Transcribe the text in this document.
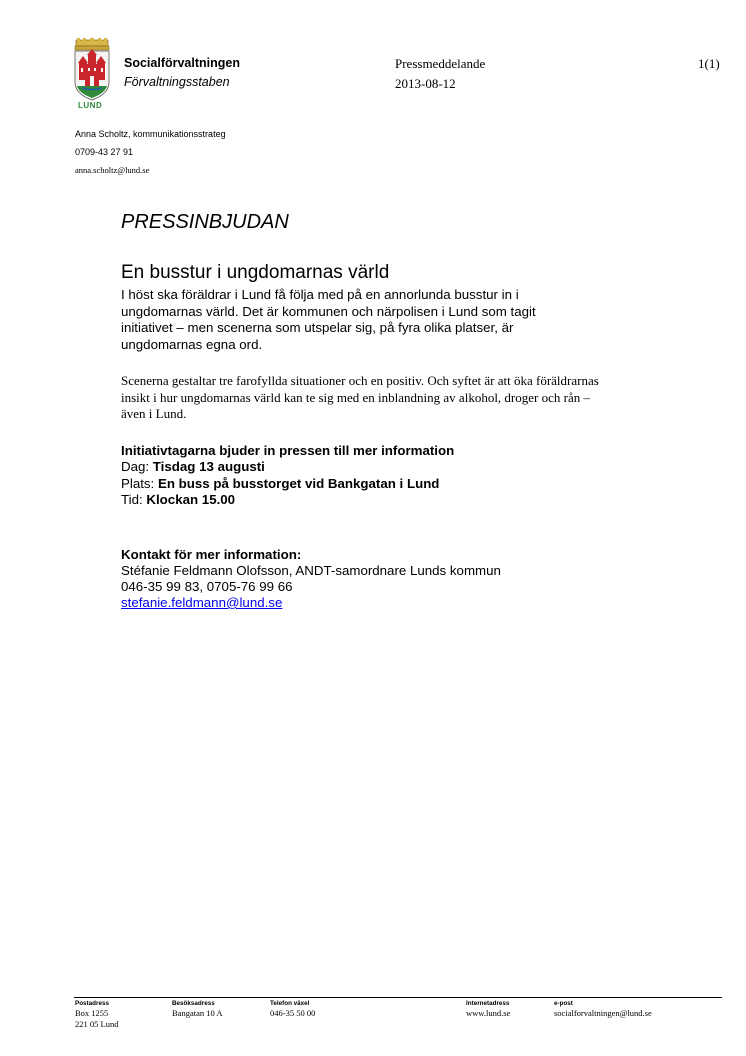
LUND
Socialförvaltningen
Förvaltningsstaben
Pressmeddelande
2013-08-12
1(1)
Anna Scholtz, kommunikationsstrateg
0709-43 27 91
anna.scholtz@lund.se
PRESSINBJUDAN
En busstur i ungdomarnas värld
I höst ska föräldrar i Lund få följa med på en annorlunda busstur in i ungdomarnas värld. Det är kommunen och närpolisen i Lund som tagit initiativet – men scenerna som utspelar sig, på fyra olika platser, är ungdomarnas egna ord.
Scenerna gestaltar tre farofyllda situationer och en positiv. Och syftet är att öka föräldrarnas insikt i hur ungdomarnas värld kan te sig med en inblandning av alkohol, droger och rån – även i Lund.
Initiativtagarna bjuder in pressen till mer information
Dag: Tisdag 13 augusti
Plats: En buss på busstorget vid Bankgatan i Lund
Tid: Klockan 15.00
Kontakt för mer information:
Stéfanie Feldmann Olofsson, ANDT-samordnare Lunds kommun
046-35 99 83, 0705-76 99 66
stefanie.feldmann@lund.se
Postadress
Box 1255
221 05 Lund
Besöksadress
Bangatan 10 A
Telefon växel
046-35 50 00
Internetadress
www.lund.se
e-post
socialforvaltningen@lund.se
